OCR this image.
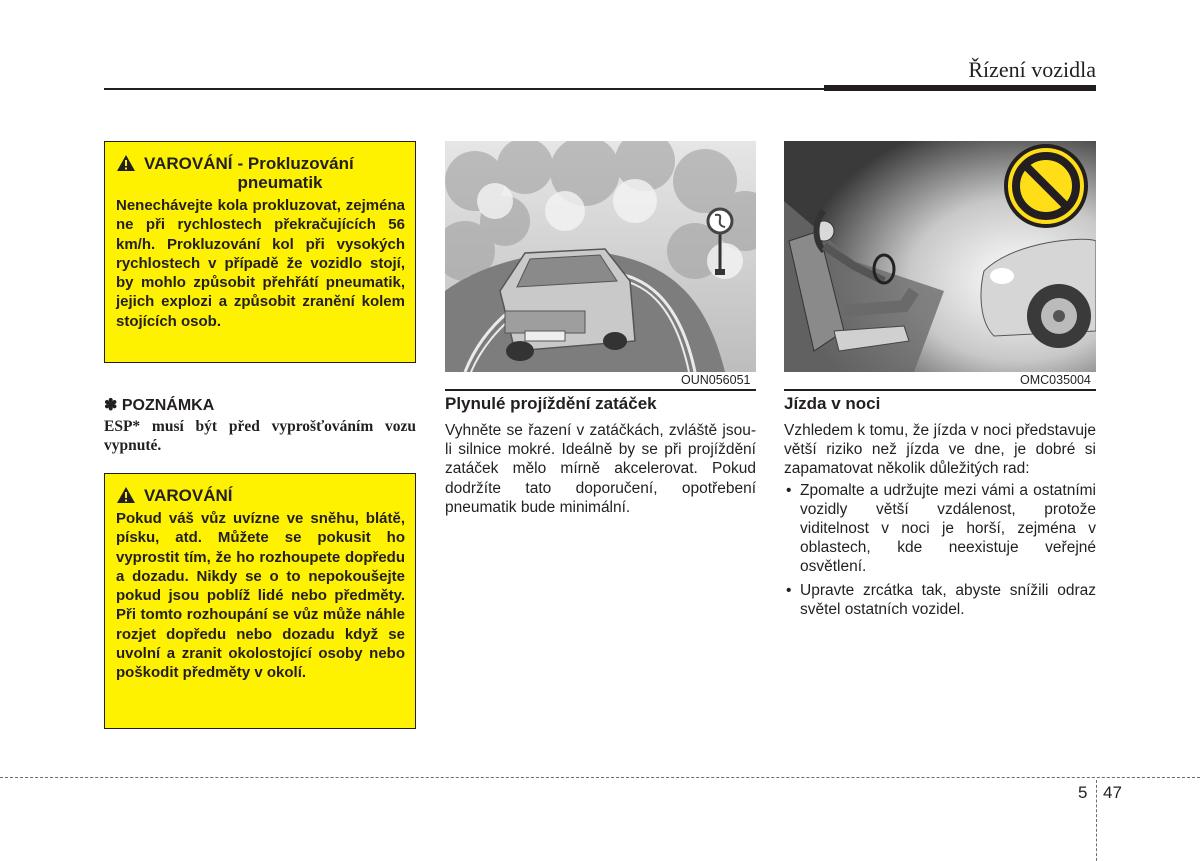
Řízení vozidla
VAROVÁNÍ - Prokluzování pneumatik
Nenechávejte kola prokluzovat, zejména ne při rychlostech překračujících 56 km/h. Prokluzování kol při vysokých rychlostech v případě že vozidlo stojí, by mohlo způsobit přehřátí pneumatik, jejich explozi a způsobit zranění kolem stojících osob.
✽ POZNÁMKA
ESP* musí být před vyprošťováním vozu vypnuté.
VAROVÁNÍ
Pokud váš vůz uvízne ve sněhu, blátě, písku, atd. Můžete se pokusit ho vyprostit tím, že ho rozhoupete dopředu a dozadu. Nikdy se o to nepokoušejte pokud jsou poblíž lidé nebo předměty. Při tomto rozhoupání se vůz může náhle rozjet dopředu nebo dozadu když se uvolní a zranit okolostojící osoby nebo poškodit předměty v okolí.
OUN056051	OMC035004
Plynulé projíždění zatáček

Vyhněte se řazení v zatáčkách, zvláště jsou-li silnice mokré. Ideálně by se při projíždění zatáček mělo mírně akcelerovat. Pokud dodržíte tato doporučení, opotřebení pneumatik bude minimální.

Jízda v noci

Vzhledem k tomu, že jízda v noci představuje větší riziko než jízda ve dne, je dobré si zapamatovat několik důležitých rad:

• Zpomalte a udržujte mezi vámi a ostatními vozidly větší vzdálenost, protože viditelnost v noci je horší, zejména v oblastech, kde neexistuje veřejné osvětlení.
• Upravte zrcátka tak, abyste snížili odraz světel ostatních vozidel.
5 47
